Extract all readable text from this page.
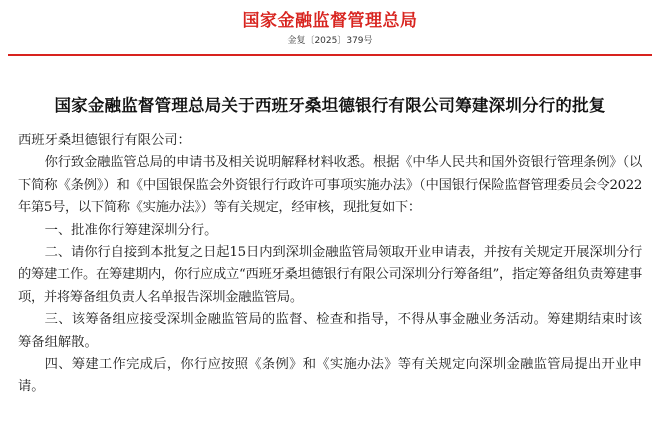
国家金融监督管理总局
金复〔2025〕379号
国家金融监督管理总局关于西班牙桑坦德银行有限公司筹建深圳分行的批复

西班牙桑坦德银行有限公司：

你行致金融监管总局的申请书及相关说明解释材料收悉。根据《中华人民共和国外资银行管理条例》（以下简称《条例》）和《中国银保监会外资银行行政许可事项实施办法》（中国银行保险监督管理委员会令2022年第5号，以下简称《实施办法》）等有关规定，经审核，现批复如下：

一、批准你行筹建深圳分行。

二、请你行自接到本批复之日起15日内到深圳金融监管局领取开业申请表，并按有关规定开展深圳分行的筹建工作。在筹建期内，你行应成立“西班牙桑坦德银行有限公司深圳分行筹备组”，指定筹备组负责筹建事项，并将筹备组负责人名单报告深圳金融监管局。

三、该筹备组应接受深圳金融监管局的监督、检查和指导，不得从事金融业务活动。筹建期结束时该筹备组解散。

四、筹建工作完成后，你行应按照《条例》和《实施办法》等有关规定向深圳金融监管局提出开业申请。
